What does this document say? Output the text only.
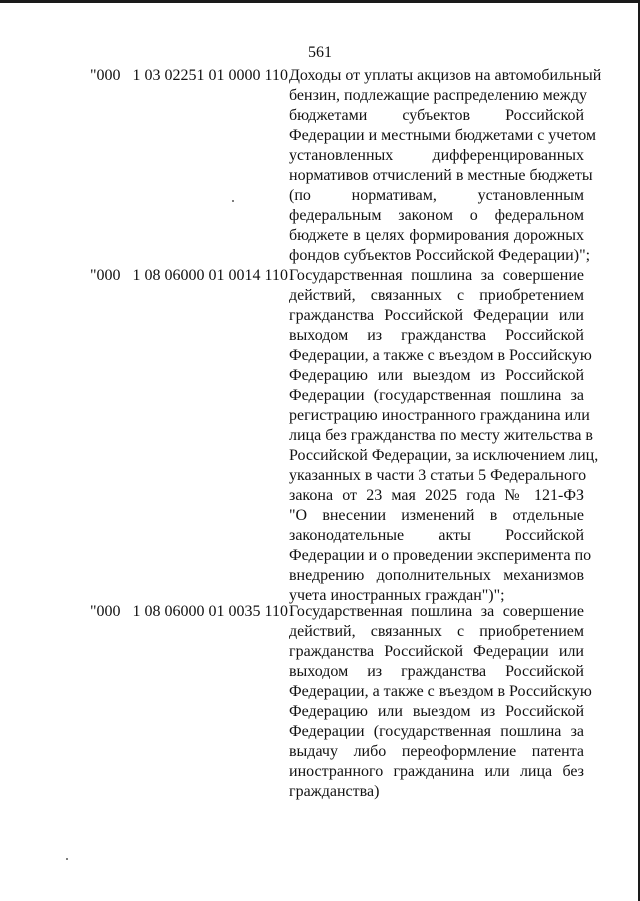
561
"000   1 03 02251 01 0000 110 Доходы от уплаты акцизов на автомобильный
бензин, подлежащие распределению между
бюджетами субъектов Российской
Федерации и местными бюджетами с учетом
установленных дифференцированных
нормативов отчислений в местные бюджеты
(по нормативам, установленным
федеральным законом о федеральном
бюджете в целях формирования дорожных
фондов субъектов Российской Федерации)";
"000   1 08 06000 01 0014 110 Государственная пошлина за совершение
действий, связанных с приобретением
гражданства Российской Федерации или
выходом из гражданства Российской
Федерации, а также с въездом в Российскую
Федерацию или выездом из Российской
Федерации (государственная пошлина за
регистрацию иностранного гражданина или
лица без гражданства по месту жительства в
Российской Федерации, за исключением лиц,
указанных в части 3 статьи 5 Федерального
закона от 23 мая 2025 года № 121-ФЗ
"О внесении изменений в отдельные
законодательные акты Российской
Федерации и о проведении эксперимента по
внедрению дополнительных механизмов
учета иностранных граждан")";
"000   1 08 06000 01 0035 110 Государственная пошлина за совершение
действий, связанных с приобретением
гражданства Российской Федерации или
выходом из гражданства Российской
Федерации, а также с въездом в Российскую
Федерацию или выездом из Российской
Федерации (государственная пошлина за
выдачу либо переоформление патента
иностранного гражданина или лица без
гражданства)
